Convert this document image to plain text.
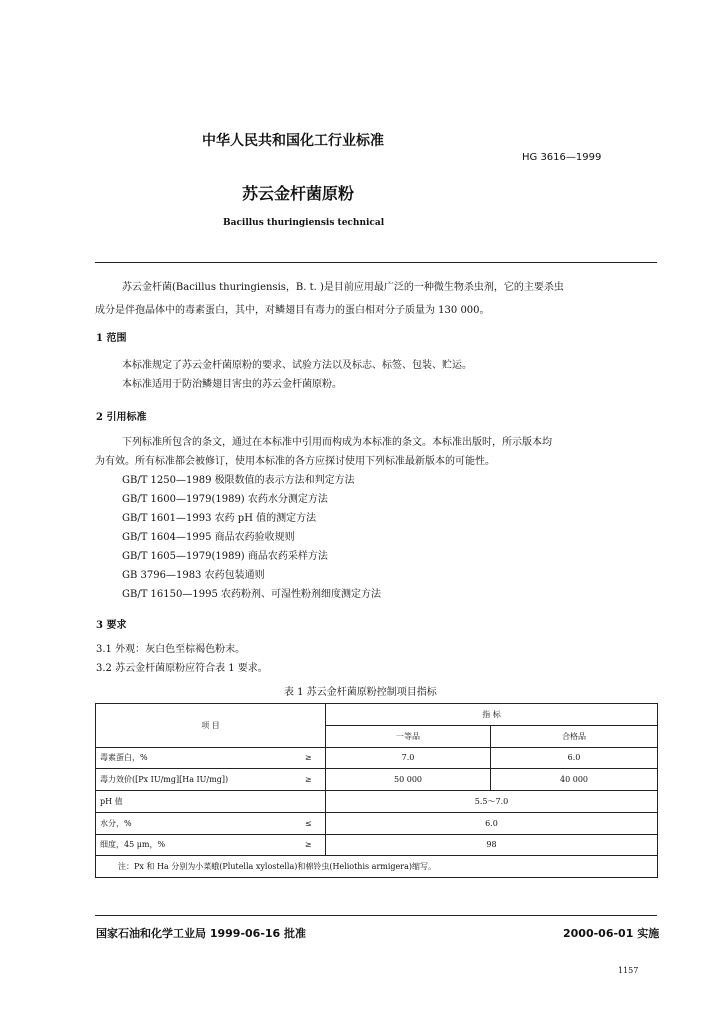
中华人民共和国化工行业标准
HG 3616—1999
苏云金杆菌原粉
Bacillus thuringiensis technical
苏云金杆菌(Bacillus thuringiensis，B. t. )是目前应用最广泛的一种微生物杀虫剂，它的主要杀虫
成分是伴孢晶体中的毒素蛋白，其中，对鳞翅目有毒力的蛋白相对分子质量为 130 000。
1 范围
本标准规定了苏云金杆菌原粉的要求、试验方法以及标志、标签、包装、贮运。
本标准适用于防治鳞翅目害虫的苏云金杆菌原粉。
2 引用标准
下列标准所包含的条文，通过在本标准中引用而构成为本标准的条文。本标准出版时，所示版本均
为有效。所有标准都会被修订，使用本标准的各方应探讨使用下列标准最新版本的可能性。
GB/T 1250—1989 极限数值的表示方法和判定方法
GB/T 1600—1979(1989) 农药水分测定方法
GB/T 1601—1993 农药 pH 值的测定方法
GB/T 1604—1995 商品农药验收规则
GB/T 1605—1979(1989) 商品农药采样方法
GB 3796—1983 农药包装通则
GB/T 16150—1995 农药粉剂、可湿性粉剂细度测定方法
3 要求
3.1 外观：灰白色至棕褐色粉末。
3.2 苏云金杆菌原粉应符合表 1 要求。
表 1 苏云金杆菌原粉控制项目指标
项 目		指 标	
		一等品	合格品
毒素蛋白，%	≥	7.0	6.0
毒力效价([Px IU/mg][Ha IU/mg])	≥	50 000	40 000
pH 值		5.5～7.0	
水分，%	≤	6.0	
细度，45 μm，%	≥	98	
注：Px 和 Ha 分别为小菜蛾(Plutella xylostella)和棉铃虫(Heliothis armigera)缩写。			
国家石油和化学工业局 1999-06-16 批准	2000-06-01 实施
1157
